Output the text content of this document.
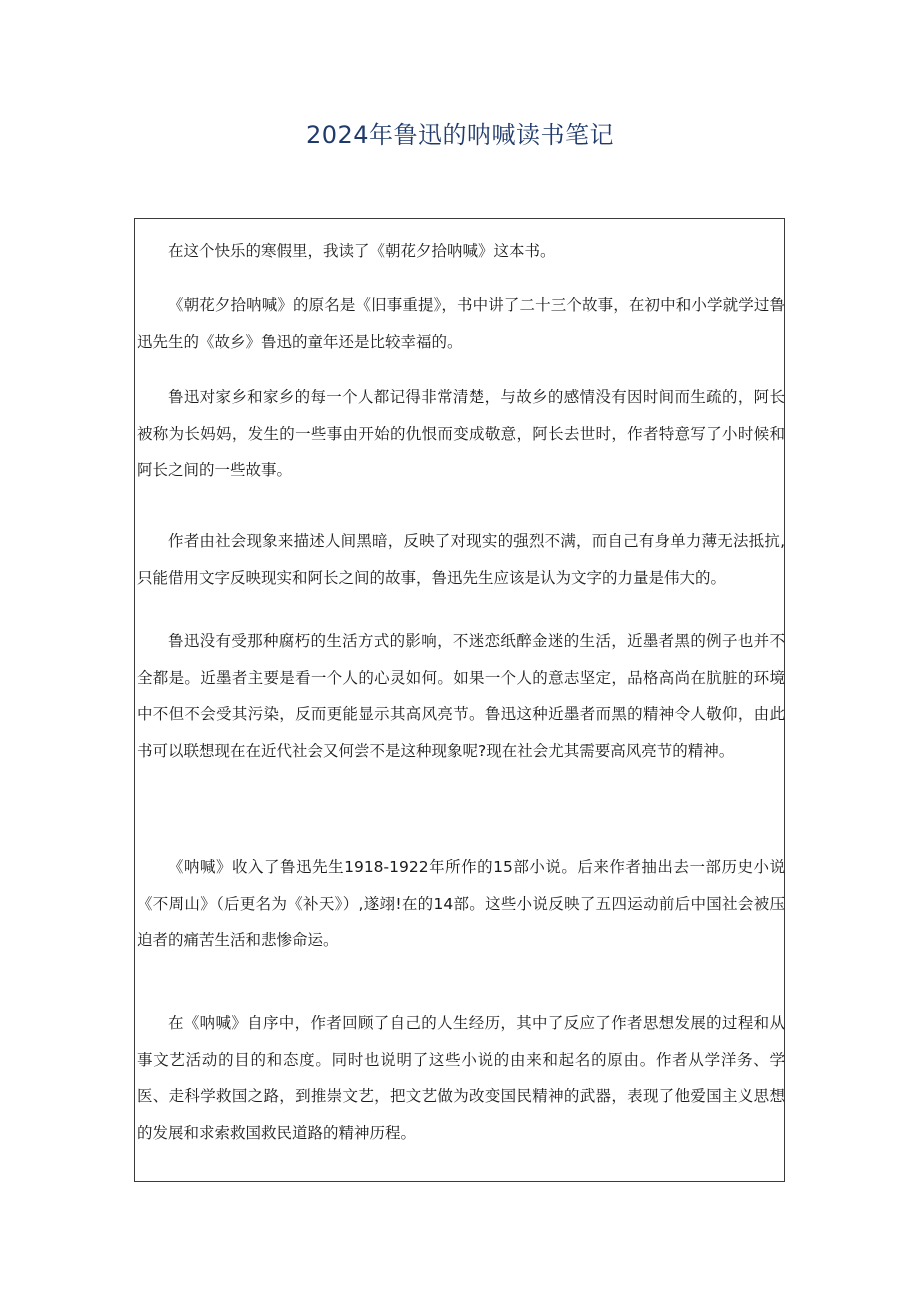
2024年鲁迅的呐喊读书笔记

在这个快乐的寒假里，我读了《朝花夕拾呐喊》这本书。

《朝花夕拾呐喊》的原名是《旧事重提》，书中讲了二十三个故事，在初中和小学就学过鲁迅先生的《故乡》鲁迅的童年还是比较幸福的。

鲁迅对家乡和家乡的每一个人都记得非常清楚，与故乡的感情没有因时间而生疏的，阿长被称为长妈妈，发生的一些事由开始的仇恨而变成敬意，阿长去世时，作者特意写了小时候和阿长之间的一些故事。

作者由社会现象来描述人间黑暗，反映了对现实的强烈不满，而自己有身单力薄无法抵抗,只能借用文字反映现实和阿长之间的故事，鲁迅先生应该是认为文字的力量是伟大的。

鲁迅没有受那种腐朽的生活方式的影响，不迷恋纸醉金迷的生活，近墨者黑的例子也并不全都是。近墨者主要是看一个人的心灵如何。如果一个人的意志坚定，品格高尚在肮脏的环境中不但不会受其污染，反而更能显示其高风亮节。鲁迅这种近墨者而黑的精神令人敬仰，由此书可以联想现在在近代社会又何尝不是这种现象呢?现在社会尤其需要高风亮节的精神。

《呐喊》收入了鲁迅先生1918-1922年所作的15部小说。后来作者抽出去一部历史小说《不周山》（后更名为《补天》）,遂翊!在的14部。这些小说反映了五四运动前后中国社会被压迫者的痛苦生活和悲惨命运。

在《呐喊》自序中，作者回顾了自己的人生经历，其中了反应了作者思想发展的过程和从事文艺活动的目的和态度。同时也说明了这些小说的由来和起名的原由。作者从学洋务、学医、走科学救国之路，到推崇文艺，把文艺做为改变国民精神的武器，表现了他爱国主义思想的发展和求索救国救民道路的精神历程。
